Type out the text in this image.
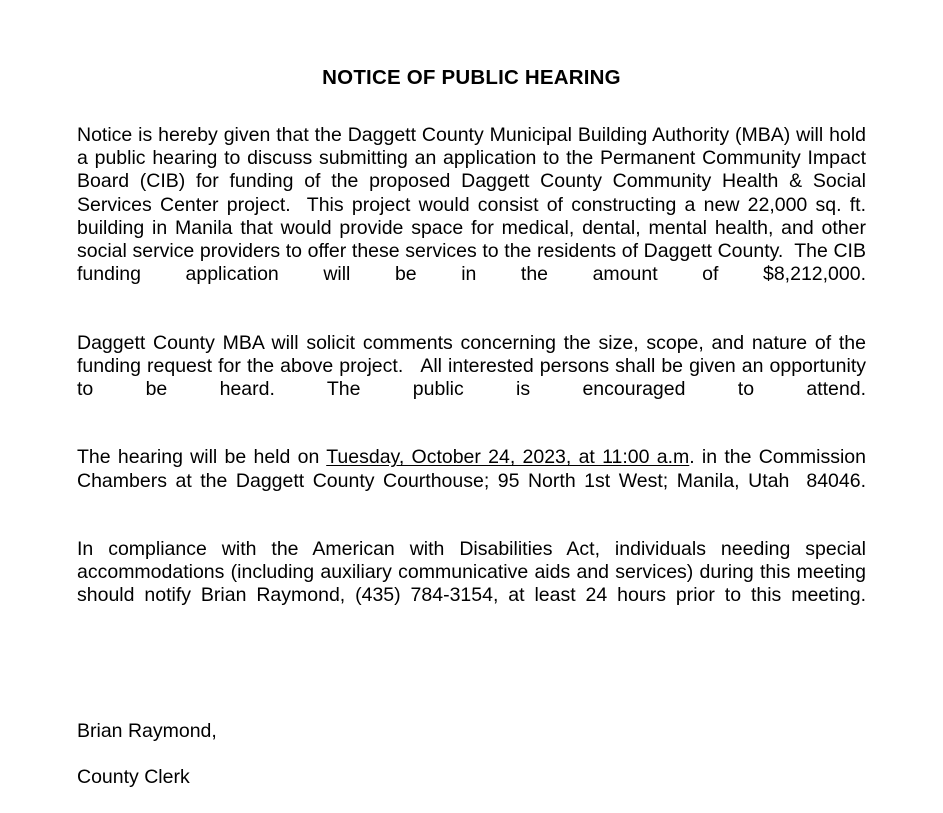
NOTICE OF PUBLIC HEARING

Notice is hereby given that the Daggett County Municipal Building Authority (MBA) will hold a public hearing to discuss submitting an application to the Permanent Community Impact Board (CIB) for funding of the proposed Daggett County Community Health & Social Services Center project.  This project would consist of constructing a new 22,000 sq. ft. building in Manila that would provide space for medical, dental, mental health, and other social service providers to offer these services to the residents of Daggett County.  The CIB funding application will be in the amount of $8,212,000.

Daggett County MBA will solicit comments concerning the size, scope, and nature of the funding request for the above project.   All interested persons shall be given an opportunity to be heard. The public is encouraged to attend.

The hearing will be held on Tuesday, October 24, 2023, at 11:00 a.m. in the Commission Chambers at the Daggett County Courthouse; 95 North 1st West; Manila, Utah  84046.

In compliance with the American with Disabilities Act, individuals needing special accommodations (including auxiliary communicative aids and services) during this meeting should notify Brian Raymond, (435) 784-3154, at least 24 hours prior to this meeting.

Brian Raymond,

County Clerk
